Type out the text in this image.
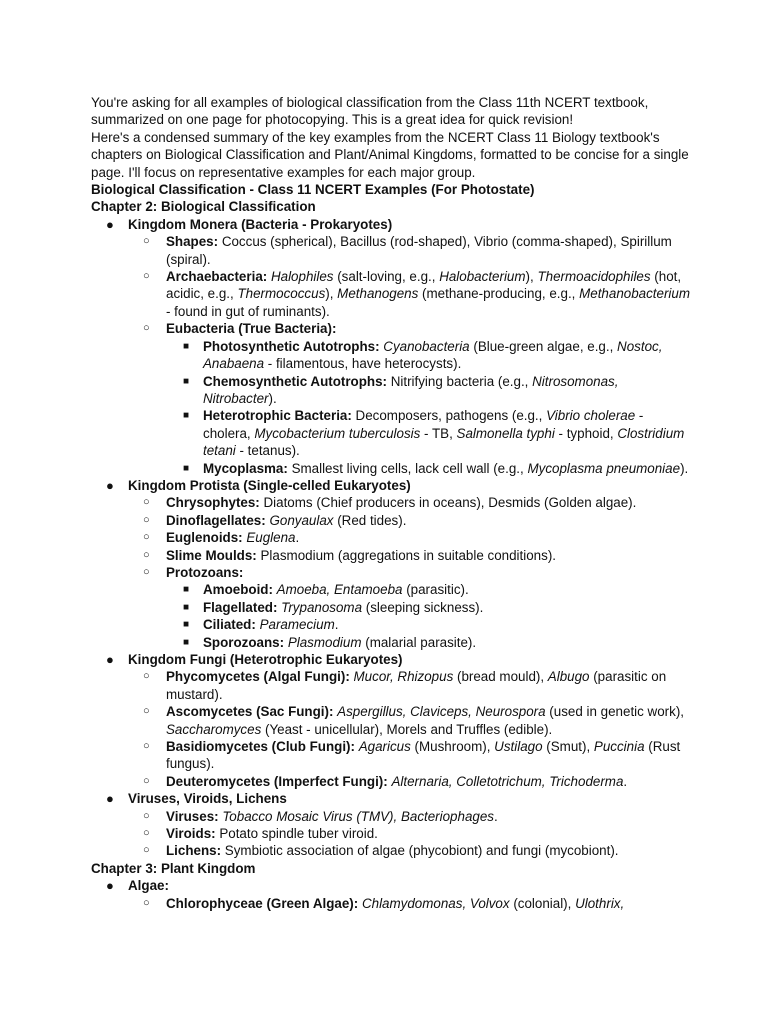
You're asking for all examples of biological classification from the Class 11th NCERT textbook, summarized on one page for photocopying. This is a great idea for quick revision!

Here's a condensed summary of the key examples from the NCERT Class 11 Biology textbook's chapters on Biological Classification and Plant/Animal Kingdoms, formatted to be concise for a single page. I'll focus on representative examples for each major group.

Biological Classification - Class 11 NCERT Examples (For Photostate)

Chapter 2: Biological Classification

● Kingdom Monera (Bacteria - Prokaryotes)
○ Shapes: Coccus (spherical), Bacillus (rod-shaped), Vibrio (comma-shaped), Spirillum (spiral).
○ Archaebacteria: Halophiles (salt-loving, e.g., Halobacterium), Thermoacidophiles (hot, acidic, e.g., Thermococcus), Methanogens (methane-producing, e.g., Methanobacterium - found in gut of ruminants).
○ Eubacteria (True Bacteria):
■ Photosynthetic Autotrophs: Cyanobacteria (Blue-green algae, e.g., Nostoc, Anabaena - filamentous, have heterocysts).
■ Chemosynthetic Autotrophs: Nitrifying bacteria (e.g., Nitrosomonas, Nitrobacter).
■ Heterotrophic Bacteria: Decomposers, pathogens (e.g., Vibrio cholerae - cholera, Mycobacterium tuberculosis - TB, Salmonella typhi - typhoid, Clostridium tetani - tetanus).
■ Mycoplasma: Smallest living cells, lack cell wall (e.g., Mycoplasma pneumoniae).
● Kingdom Protista (Single-celled Eukaryotes)
○ Chrysophytes: Diatoms (Chief producers in oceans), Desmids (Golden algae).
○ Dinoflagellates: Gonyaulax (Red tides).
○ Euglenoids: Euglena.
○ Slime Moulds: Plasmodium (aggregations in suitable conditions).
○ Protozoans:
■ Amoeboid: Amoeba, Entamoeba (parasitic).
■ Flagellated: Trypanosoma (sleeping sickness).
■ Ciliated: Paramecium.
■ Sporozoans: Plasmodium (malarial parasite).
● Kingdom Fungi (Heterotrophic Eukaryotes)
○ Phycomycetes (Algal Fungi): Mucor, Rhizopus (bread mould), Albugo (parasitic on mustard).
○ Ascomycetes (Sac Fungi): Aspergillus, Claviceps, Neurospora (used in genetic work), Saccharomyces (Yeast - unicellular), Morels and Truffles (edible).
○ Basidiomycetes (Club Fungi): Agaricus (Mushroom), Ustilago (Smut), Puccinia (Rust fungus).
○ Deuteromycetes (Imperfect Fungi): Alternaria, Colletotrichum, Trichoderma.
● Viruses, Viroids, Lichens
○ Viruses: Tobacco Mosaic Virus (TMV), Bacteriophages.
○ Viroids: Potato spindle tuber viroid.
○ Lichens: Symbiotic association of algae (phycobiont) and fungi (mycobiont).

Chapter 3: Plant Kingdom

● Algae:
○ Chlorophyceae (Green Algae): Chlamydomonas, Volvox (colonial), Ulothrix,
